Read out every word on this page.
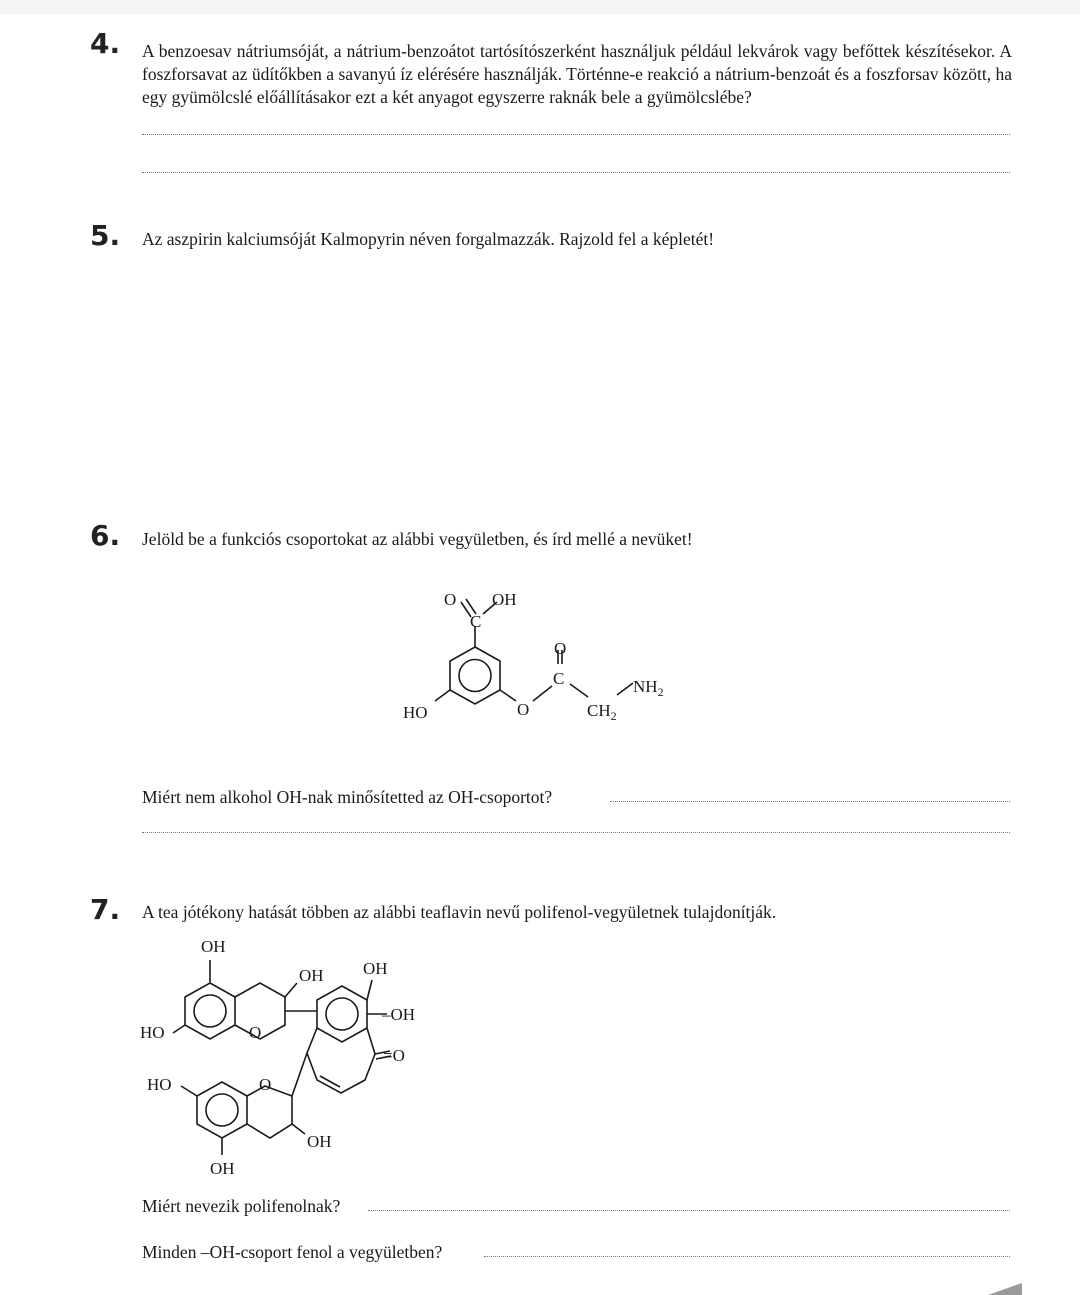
4.	A benzoesav nátriumsóját, a nátrium-benzoátot tartósítószerként használjuk például lekvárok vagy befőttek készítésekor. A foszforsavat az üdítőkben a savanyú íz elérésére használják. Történne-e reakció a nátrium-benzoát és a foszforsav között, ha egy gyümölcslé előállításakor ezt a két anyagot egyszerre raknák bele a gyümölcslébe?
5.	Az aszpirin kalciumsóját Kalmopyrin néven forgalmazzák. Rajzold fel a képletét!
6.	Jelöld be a funkciós csoportokat az alábbi vegyületben, és írd mellé a nevüket!
O OH
C
O
C	$NH_2$
HO	O	$CH_2$
Miért nem alkohol OH-nak minősítetted az OH-csoportot?
7.	A tea jótékony hatását többen az alábbi teaflavin nevű polifenol-vegyületnek tulajdonítják.
OH
OH OH
–OH
=O
HO	O
HO	O
OH
OH
Miért nevezik polifenolnak?
Minden –OH-csoport fenol a vegyületben?
